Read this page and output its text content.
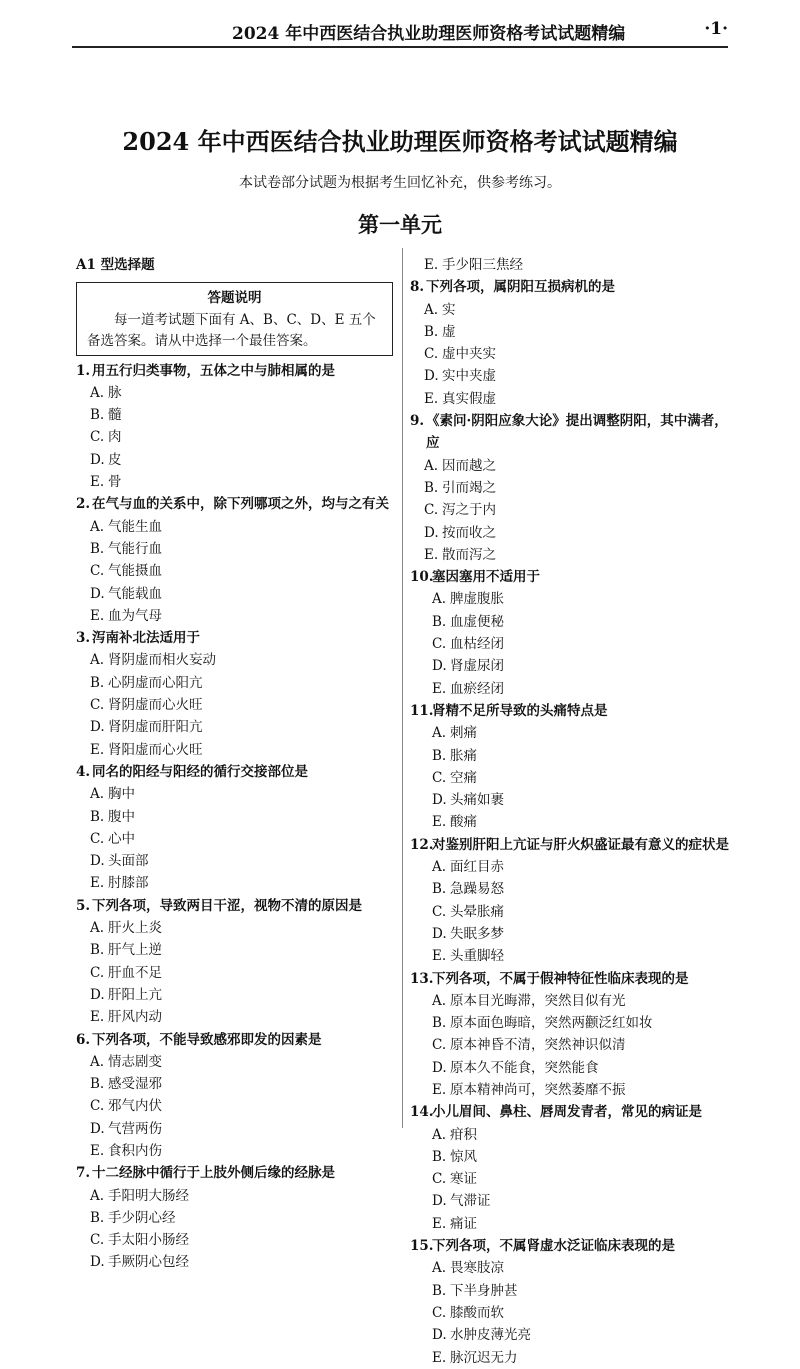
2024 年中西医结合执业助理医师资格考试试题精编	·1·
2024 年中西医结合执业助理医师资格考试试题精编
本试卷部分试题为根据考生回忆补充，供参考练习。
第一单元
A1 型选择题
答题说明
每一道考试题下面有 A、B、C、D、E 五个备选答案。请从中选择一个最佳答案。
1. 用五行归类事物，五体之中与肺相属的是
A. 脉
B. 髓
C. 肉
D. 皮
E. 骨
2. 在气与血的关系中，除下列哪项之外，均与之有关
A. 气能生血
B. 气能行血
C. 气能摄血
D. 气能载血
E. 血为气母
3. 泻南补北法适用于
A. 肾阴虚而相火妄动
B. 心阴虚而心阳亢
C. 肾阴虚而心火旺
D. 肾阴虚而肝阳亢
E. 肾阳虚而心火旺
4. 同名的阳经与阳经的循行交接部位是
A. 胸中
B. 腹中
C. 心中
D. 头面部
E. 肘膝部
5. 下列各项，导致两目干涩，视物不清的原因是
A. 肝火上炎
B. 肝气上逆
C. 肝血不足
D. 肝阳上亢
E. 肝风内动
6. 下列各项，不能导致感邪即发的因素是
A. 情志剧变
B. 感受湿邪
C. 邪气内伏
D. 气营两伤
E. 食积内伤
7. 十二经脉中循行于上肢外侧后缘的经脉是
A. 手阳明大肠经
B. 手少阴心经
C. 手太阳小肠经
D. 手厥阴心包经
E. 手少阳三焦经
8. 下列各项，属阴阳互损病机的是
A. 实
B. 虚
C. 虚中夹实
D. 实中夹虚
E. 真实假虚
9. 《素问·阴阳应象大论》提出调整阴阳，其中满者，应
A. 因而越之
B. 引而竭之
C. 泻之于内
D. 按而收之
E. 散而泻之
10.
塞因塞用不适用于
A. 脾虚腹胀
B. 血虚便秘
C. 血枯经闭
D. 肾虚尿闭
E. 血瘀经闭
11.
肾精不足所导致的头痛特点是
A. 刺痛
B. 胀痛
C. 空痛
D. 头痛如裹
E. 酸痛
12.
对鉴别肝阳上亢证与肝火炽盛证最有意义的症状是
A. 面红目赤
B. 急躁易怒
C. 头晕胀痛
D. 失眠多梦
E. 头重脚轻
13.
下列各项，不属于假神特征性临床表现的是
A. 原本目光晦滞，突然目似有光
B. 原本面色晦暗，突然两颧泛红如妆
C. 原本神昏不清，突然神识似清
D. 原本久不能食，突然能食
E. 原本精神尚可，突然萎靡不振
14.
小儿眉间、鼻柱、唇周发青者，常见的病证是
A. 疳积
B. 惊风
C. 寒证
D. 气滞证
E. 痛证
15.
下列各项，不属肾虚水泛证临床表现的是
A. 畏寒肢凉
B. 下半身肿甚
C. 膝酸而软
D. 水肿皮薄光亮
E. 脉沉迟无力
